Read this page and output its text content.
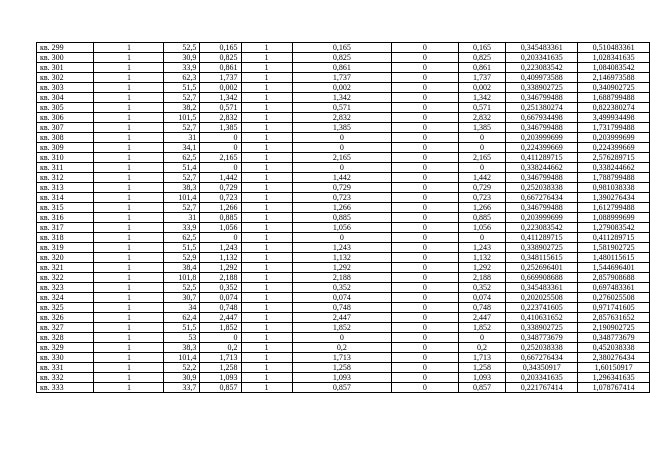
кв. 299	1	52,5	0,165	1	0,165	0	0,165	0,345483361	0,510483361
кв. 300	1	30,9	0,825	1	0,825	0	0,825	0,203341635	1,028341635
кв. 301	1	33,9	0,861	1	0,861	0	0,861	0,223083542	1,084083542
кв. 302	1	62,3	1,737	1	1,737	0	1,737	0,409973588	2,146973588
кв. 303	1	51,5	0,002	1	0,002	0	0,002	0,338902725	0,340902725
кв. 304	1	52,7	1,342	1	1,342	0	1,342	0,346799488	1,688799488
кв. 305	1	38,2	0,571	1	0,571	0	0,571	0,251380274	0,822380274
кв. 306	1	101,5	2,832	1	2,832	0	2,832	0,667934498	3,499934498
кв. 307	1	52,7	1,385	1	1,385	0	1,385	0,346799488	1,731799488
кв. 308	1	31	0	1	0	0	0	0,203999699	0,203999699
кв. 309	1	34,1	0	1	0	0	0	0,224399669	0,224399669
кв. 310	1	62,5	2,165	1	2,165	0	2,165	0,411289715	2,576289715
кв. 311	1	51,4	0	1	0	0	0	0,338244662	0,338244662
кв. 312	1	52,7	1,442	1	1,442	0	1,442	0,346799488	1,788799488
кв. 313	1	38,3	0,729	1	0,729	0	0,729	0,252038338	0,981038338
кв. 314	1	101,4	0,723	1	0,723	0	0,723	0,667276434	1,390276434
кв. 315	1	52,7	1,266	1	1,266	0	1,266	0,346799488	1,612799488
кв. 316	1	31	0,885	1	0,885	0	0,885	0,203999699	1,088999699
кв. 317	1	33,9	1,056	1	1,056	0	1,056	0,223083542	1,279083542
кв. 318	1	62,5	0	1	0	0	0	0,411289715	0,411289715
кв. 319	1	51,5	1,243	1	1,243	0	1,243	0,338902725	1,581902725
кв. 320	1	52,9	1,132	1	1,132	0	1,132	0,348115615	1,480115615
кв. 321	1	38,4	1,292	1	1,292	0	1,292	0,252696401	1,544696401
кв. 322	1	101,8	2,188	1	2,188	0	2,188	0,669908688	2,857908688
кв. 323	1	52,5	0,352	1	0,352	0	0,352	0,345483361	0,697483361
кв. 324	1	30,7	0,074	1	0,074	0	0,074	0,202025508	0,276025508
кв. 325	1	34	0,748	1	0,748	0	0,748	0,223741605	0,971741605
кв. 326	1	62,4	2,447	1	2,447	0	2,447	0,410631652	2,857631652
кв. 327	1	51,5	1,852	1	1,852	0	1,852	0,338902725	2,190902725
кв. 328	1	53	0	1	0	0	0	0,348773679	0,348773679
кв. 329	1	38,3	0,2	1	0,2	0	0,2	0,252038338	0,452038338
кв. 330	1	101,4	1,713	1	1,713	0	1,713	0,667276434	2,380276434
кв. 331	1	52,2	1,258	1	1,258	0	1,258	0,34350917	1,60150917
кв. 332	1	30,9	1,093	1	1,093	0	1,093	0,203341635	1,296341635
кв. 333	1	33,7	0,857	1	0,857	0	0,857	0,221767414	1,078767414
